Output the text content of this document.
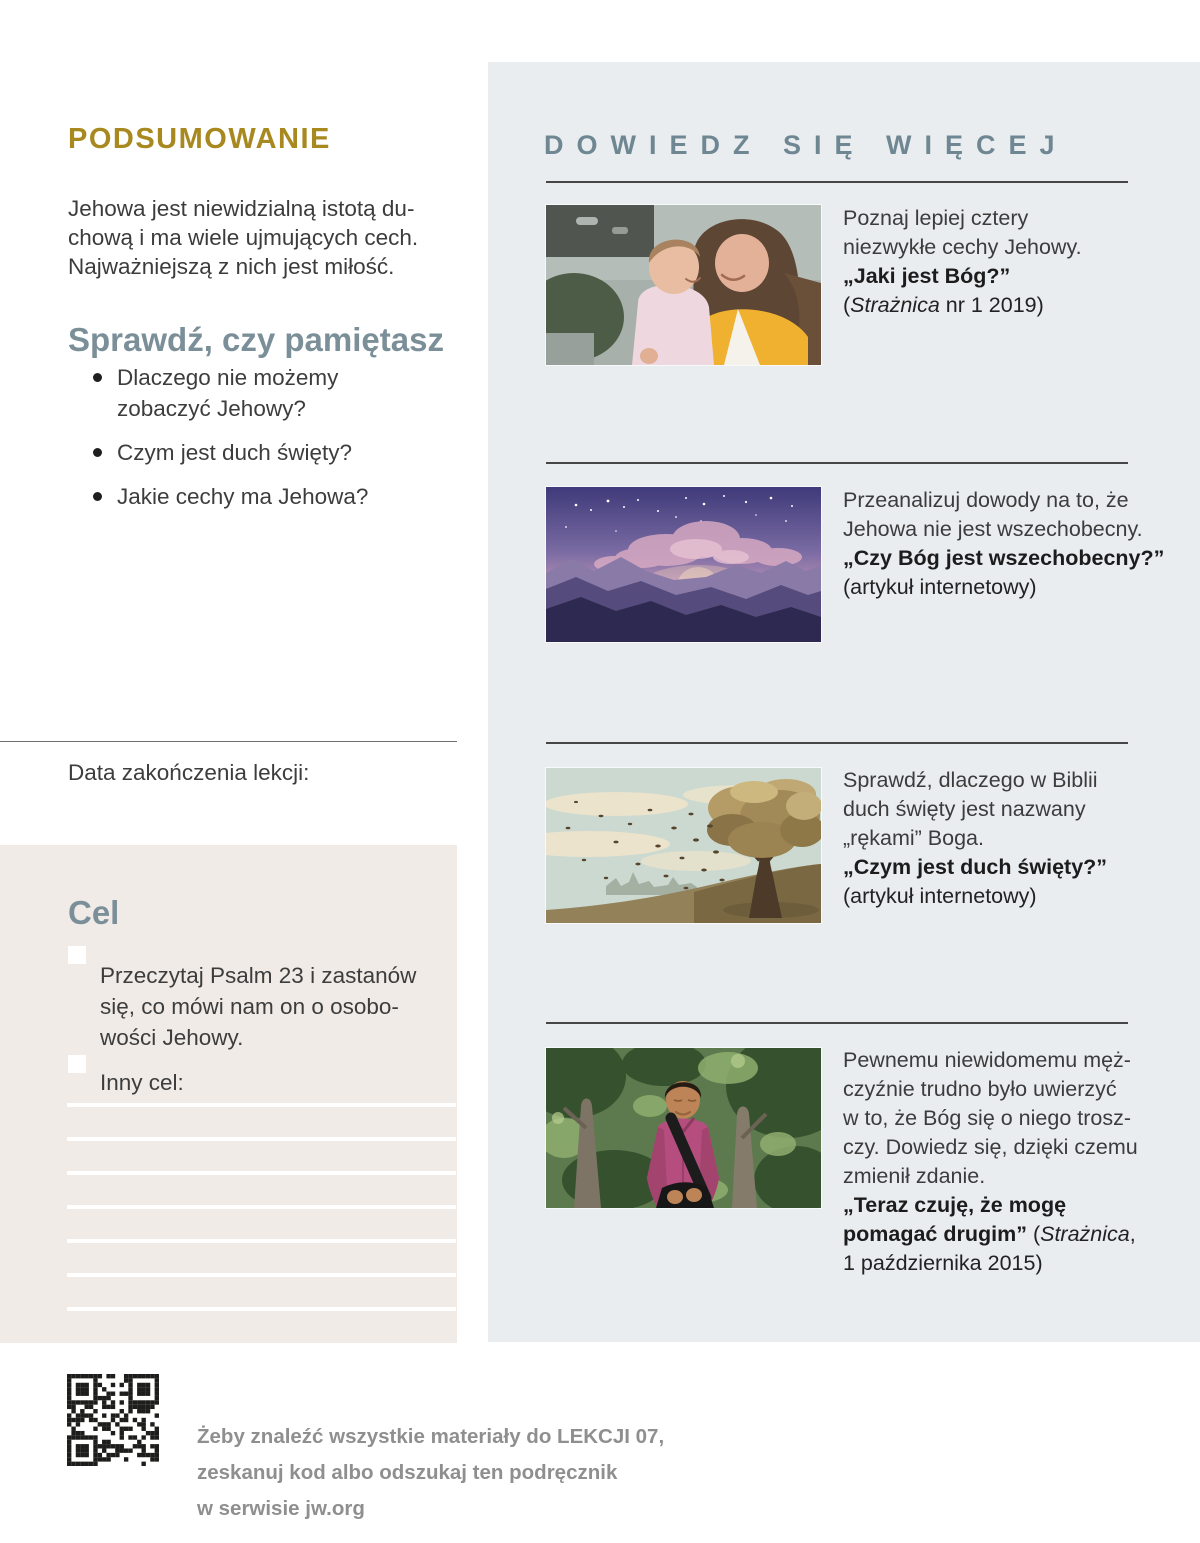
PODSUMOWANIE

Jehowa jest niewidzialną istotą du-
chową i ma wiele ujmujących cech.
Najważniejszą z nich jest miłość.

Sprawdź, czy pamiętasz
Dlaczego nie możemy zobaczyć Jehowy?
Czym jest duch święty?
Jakie cechy ma Jehowa?
Data zakończenia lekcji:
Cel

Przeczytaj Psalm 23 i zastanów
się, co mówi nam on o osobo-
wości Jehowy.

Inny cel:

Żeby znaleźć wszystkie materiały do LEKCJI 07,
zeskanuj kod albo odszukaj ten podręcznik
w serwisie jw.org

DOWIEDZ SIĘ WIĘCEJ

Poznaj lepiej cztery
niezwykłe cechy Jehowy.

„Jaki jest Bóg?”
(Strażnica nr 1 2019)

Przeanalizuj dowody na to, że
Jehowa nie jest wszechobecny.

„Czy Bóg jest wszechobecny?”
(artykuł internetowy)

Sprawdź, dlaczego w Biblii
duch święty jest nazwany
„rękami” Boga.

„Czym jest duch święty?”
(artykuł internetowy)

Pewnemu niewidomemu męż-
czyźnie trudno było uwierzyć
w to, że Bóg się o niego trosz-
czy. Dowiedz się, dzięki czemu
zmienił zdanie.

„Teraz czuję, że mogę
pomagać drugim” (Strażnica,
1 października 2015)
